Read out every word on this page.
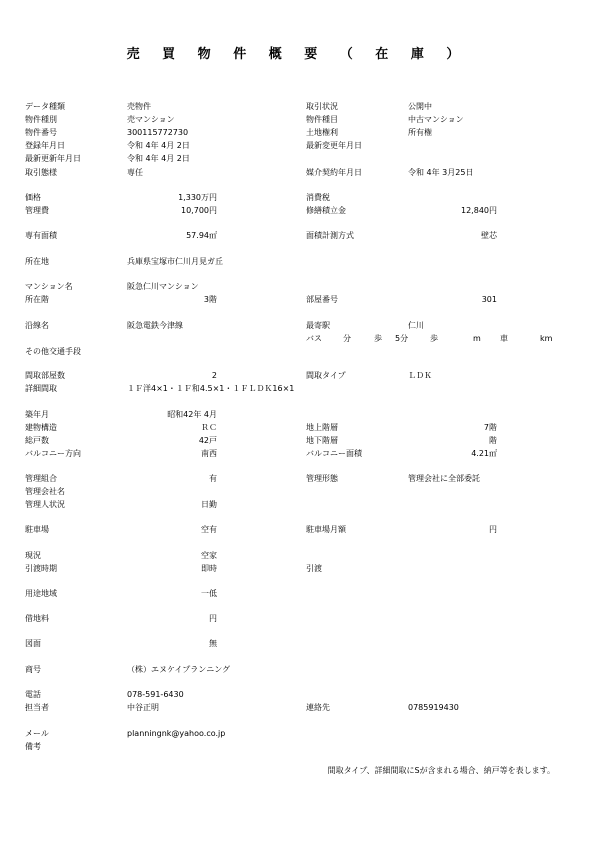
売 買 物 件 概 要 （ 在 庫 ）
データ種類	売物件	取引状況	公開中
物件種別	売マンション	物件種目	中古マンション
物件番号	300115772730	土地権利	所有権
登録年月日	令和 4年 4月 2日	最新変更年月日
最新更新年月日	令和 4年 4月 2日
取引態様	専任	媒介契約年月日	令和 4年 3月25日
価格	1,330万円	消費税
管理費	10,700円	修繕積立金	12,840円
専有面積	57.94㎡	面積計測方式	壁芯
所在地	兵庫県宝塚市仁川月見ガ丘
マンション名	阪急仁川マンション
所在階	3階	部屋番号	301
沿線名	阪急電鉄今津線	最寄駅	仁川
バス	分	歩 5分	歩	m 車	km
その他交通手段
間取部屋数	2	間取タイプ	ＬＤＫ
詳細間取	１Ｆ洋4×1・１Ｆ和4.5×1・１ＦＬＤＫ16×1
築年月	昭和42年 4月
建物構造	ＲＣ	地上階層	7階
総戸数	42戸	地下階層	階
バルコニー方向	南西	バルコニー面積	4.21㎡
管理組合	有	管理形態	管理会社に全部委託
管理会社名
管理人状況	日勤
駐車場	空有	駐車場月額	円
現況	空家
引渡時期	即時	引渡
用途地域	一低
借地料	円
図面	無
商号	（株）エヌケイプランニング
電話	078-591-6430
担当者	中谷正明	連絡先	0785919430
メール	planningnk@yahoo.co.jp
備考
間取タイプ、詳細間取にSが含まれる場合、納戸等を表します。
